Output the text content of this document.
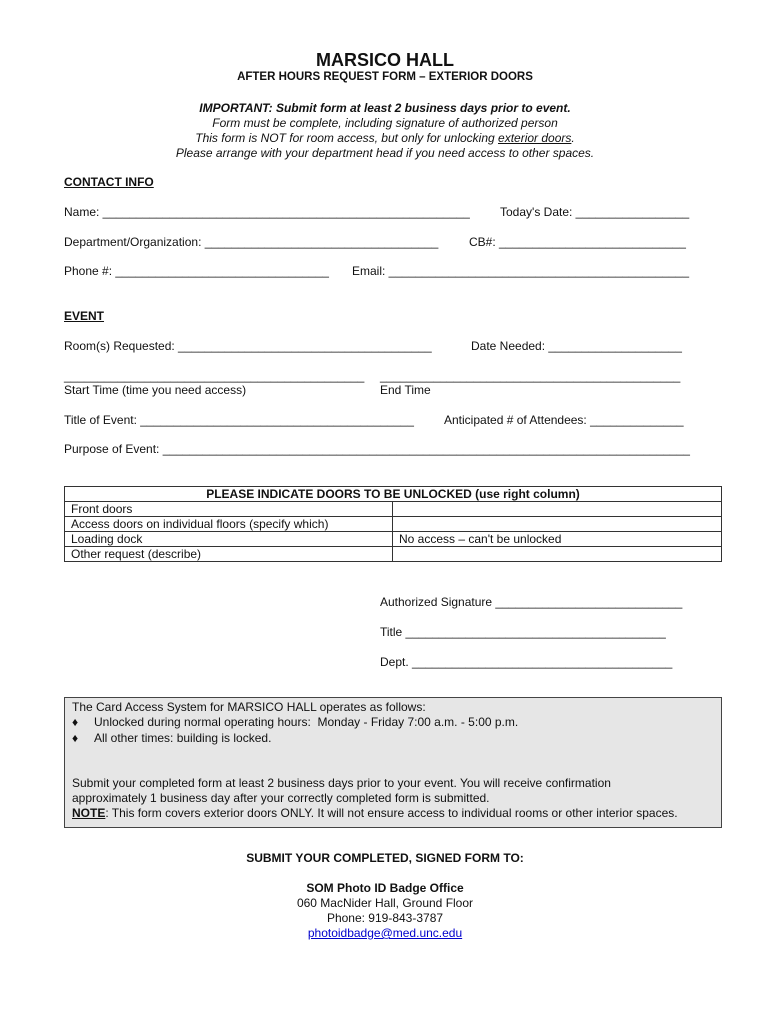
MARSICO HALL
AFTER HOURS REQUEST FORM – EXTERIOR DOORS
IMPORTANT: Submit form at least 2 business days prior to event.
Form must be complete, including signature of authorized person
This form is NOT for room access, but only for unlocking exterior doors.
Please arrange with your department head if you need access to other spaces.
CONTACT INFO
Name: _______________________________________________________	Today's Date: _________________
Department/Organization: ___________________________________	CB#: ____________________________
Phone #: ________________________________ Email: _____________________________________________
EVENT
Room(s) Requested: ______________________________________	Date Needed: ____________________
_____________________________________________ _____________________________________________
Start Time (time you need access)	End Time
Title of Event: _________________________________________	Anticipated # of Attendees: ______________
Purpose of Event: _______________________________________________________________________________
PLEASE INDICATE DOORS TO BE UNLOCKED (use right column)	
Front doors	
Access doors on individual floors (specify which)	
Loading dock	No access – can't be unlocked
Other request (describe)	
Authorized Signature ____________________________
Title _______________________________________
Dept. _______________________________________
The Card Access System for MARSICO HALL operates as follows:
♦ Unlocked during normal operating hours:  Monday - Friday 7:00 a.m. - 5:00 p.m.
♦ All other times: building is locked.
Submit your completed form at least 2 business days prior to your event. You will receive confirmation
approximately 1 business day after your correctly completed form is submitted.
NOTE: This form covers exterior doors ONLY. It will not ensure access to individual rooms or other interior spaces.
SUBMIT YOUR COMPLETED, SIGNED FORM TO:
SOM Photo ID Badge Office
060 MacNider Hall, Ground Floor
Phone: 919-843-3787
photoidbadge@med.unc.edu
